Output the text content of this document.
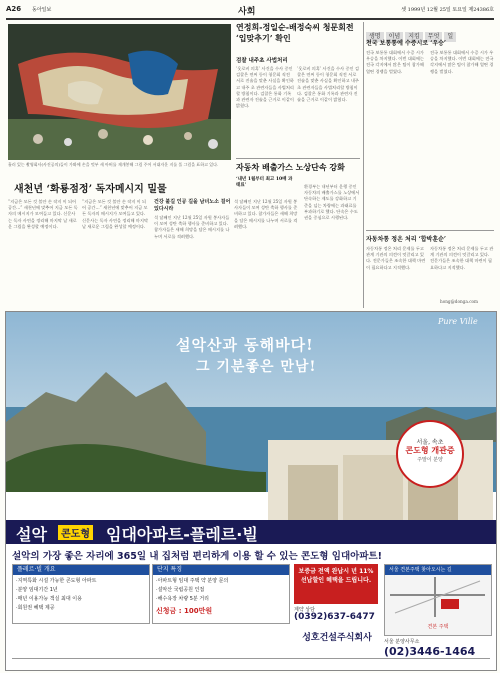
A26 동아일보	사회	셋 1999년 12월 25일 토요일 제24386호
흘러 있는 촬영회사(사진공의)들이 가봐에 손을 멋부 새 아버를 재개봉해 그림 주어 서대자운 지를 풀 그림을 표하고 있다.
새천년 ‘화룡점정’ 독자메시지 밀물
“지금은 모든 것 불안 손 작지 이 되어 공간…” 새천년에 맞추어 지금 모든 독자의 메시지가 모여들고 있다. 신문사는 독자 사연을 정리해 마지막 날 새로운 그림을 완성할 예정이다.
“지금은 모든 것 불안 손 작지 이 되어 공간…” 새천년에 맞추어 지금 모든 독자의 메시지가 모여들고 있다. 신문사는 독자 사연을 정리해 마지막 날 새로운 그림을 완성할 예정이다.
건강 불길 인공 길을 남녀노소 걸어 있다시라
석 달째인 지난 12월 25일 자원 봉사자들이 모여 성탄 축하 행사를 준비하고 있다. 참가자들은 새해 희망을 담은 메시지를 나누며 서로를 격려했다.
석 달째인 지난 12월 25일 자원 봉사자들이 모여 성탄 축하 행사를 준비하고 있다. 참가자들은 새해 희망을 담은 메시지를 나누며 서로를 격려했다.
연정희-정일순-배정숙씨 청문회전 ‘입맞추기’ 확인
검찰 내주초 사법처리
‘옷로비 의혹’ 사건을 수사 중인 검찰은 연씨 등이 청문회 직전 서로 진술을 맞춘 사실을 확인하고 내주 초 관련자들을 사법처리할 방침이다. 검찰은 통화 기록과 관련자 진술을 근거로 이같이 밝혔다.
‘옷로비 의혹’ 사건을 수사 중인 검찰은 연씨 등이 청문회 직전 서로 진술을 맞춘 사실을 확인하고 내주 초 관련자들을 사법처리할 방침이다. 검찰은 통화 기록과 관련자 진술을 근거로 이같이 밝혔다.
자동차 배출가스 노상단속 강화
‘내년 1월부터 최고 10배 과태료’	환경부는 내년부터 운행 중인 자동차의 배출가스를 노상에서 단속하는 제도를 강화하고 기준을 넘는 차량에는 과태료를 부과하기로 했다. 단속은 수도권을 중심으로 시행된다.
생명 이념 지킴 무엇 일
천국 보통통에 수증시로 ‘우승’
전국 보통통 대회에서 수증 시가 우승을 차지했다. 이번 대회에는 전국 각지에서 많은 팀이 참가해 열띤 경쟁을 벌였다.
전국 보통통 대회에서 수증 시가 우승을 차지했다. 이번 대회에는 전국 각지에서 많은 팀이 참가해 열띤 경쟁을 벌였다.
자동차통 정온 처리 ‘합박훈순’
자동차통 정온 처리 문제를 두고 관계 기관의 의견이 엇갈리고 있다. 전문가들은 조속한 대책 마련이 필요하다고 지적했다.
자동차통 정온 처리 문제를 두고 관계 기관의 의견이 엇갈리고 있다. 전문가들은 조속한 대책 마련이 필요하다고 지적했다.
hong@donga.com
설악산과 동해바다!
그 기분좋은 만남!
Pure Ville
서울, 속초
콘도형 개관증
주말이 분양
설악	콘도형 임대아파트-플레르·빌
설악의 가장 좋은 자리에 365일 내 집처럼 편리하게 이용 할 수 있는 콘도형 임대아파트!
플레르·빌 개요
·지역특화 시설 가능한 콘도형 아파트
·분양 임대기간 1년
·매년 이용가능 객실 최대 이용
·회원권 혜택 제공
단지 특징
·아파트형 임대 주택 약 분양 문의
·설악산 국립공원 인접
·해수욕장 차량 5분 거리
신청금 : 100만원
보증금 전액 완납시 년 11% 선납할인 혜택을 드립니다.
계약 상담
(0392)637-6477
서울 견본주택 찾아오시는 길
견본 주택
서울 분양사무소
(02)3446-1464
성호건설주식회사
